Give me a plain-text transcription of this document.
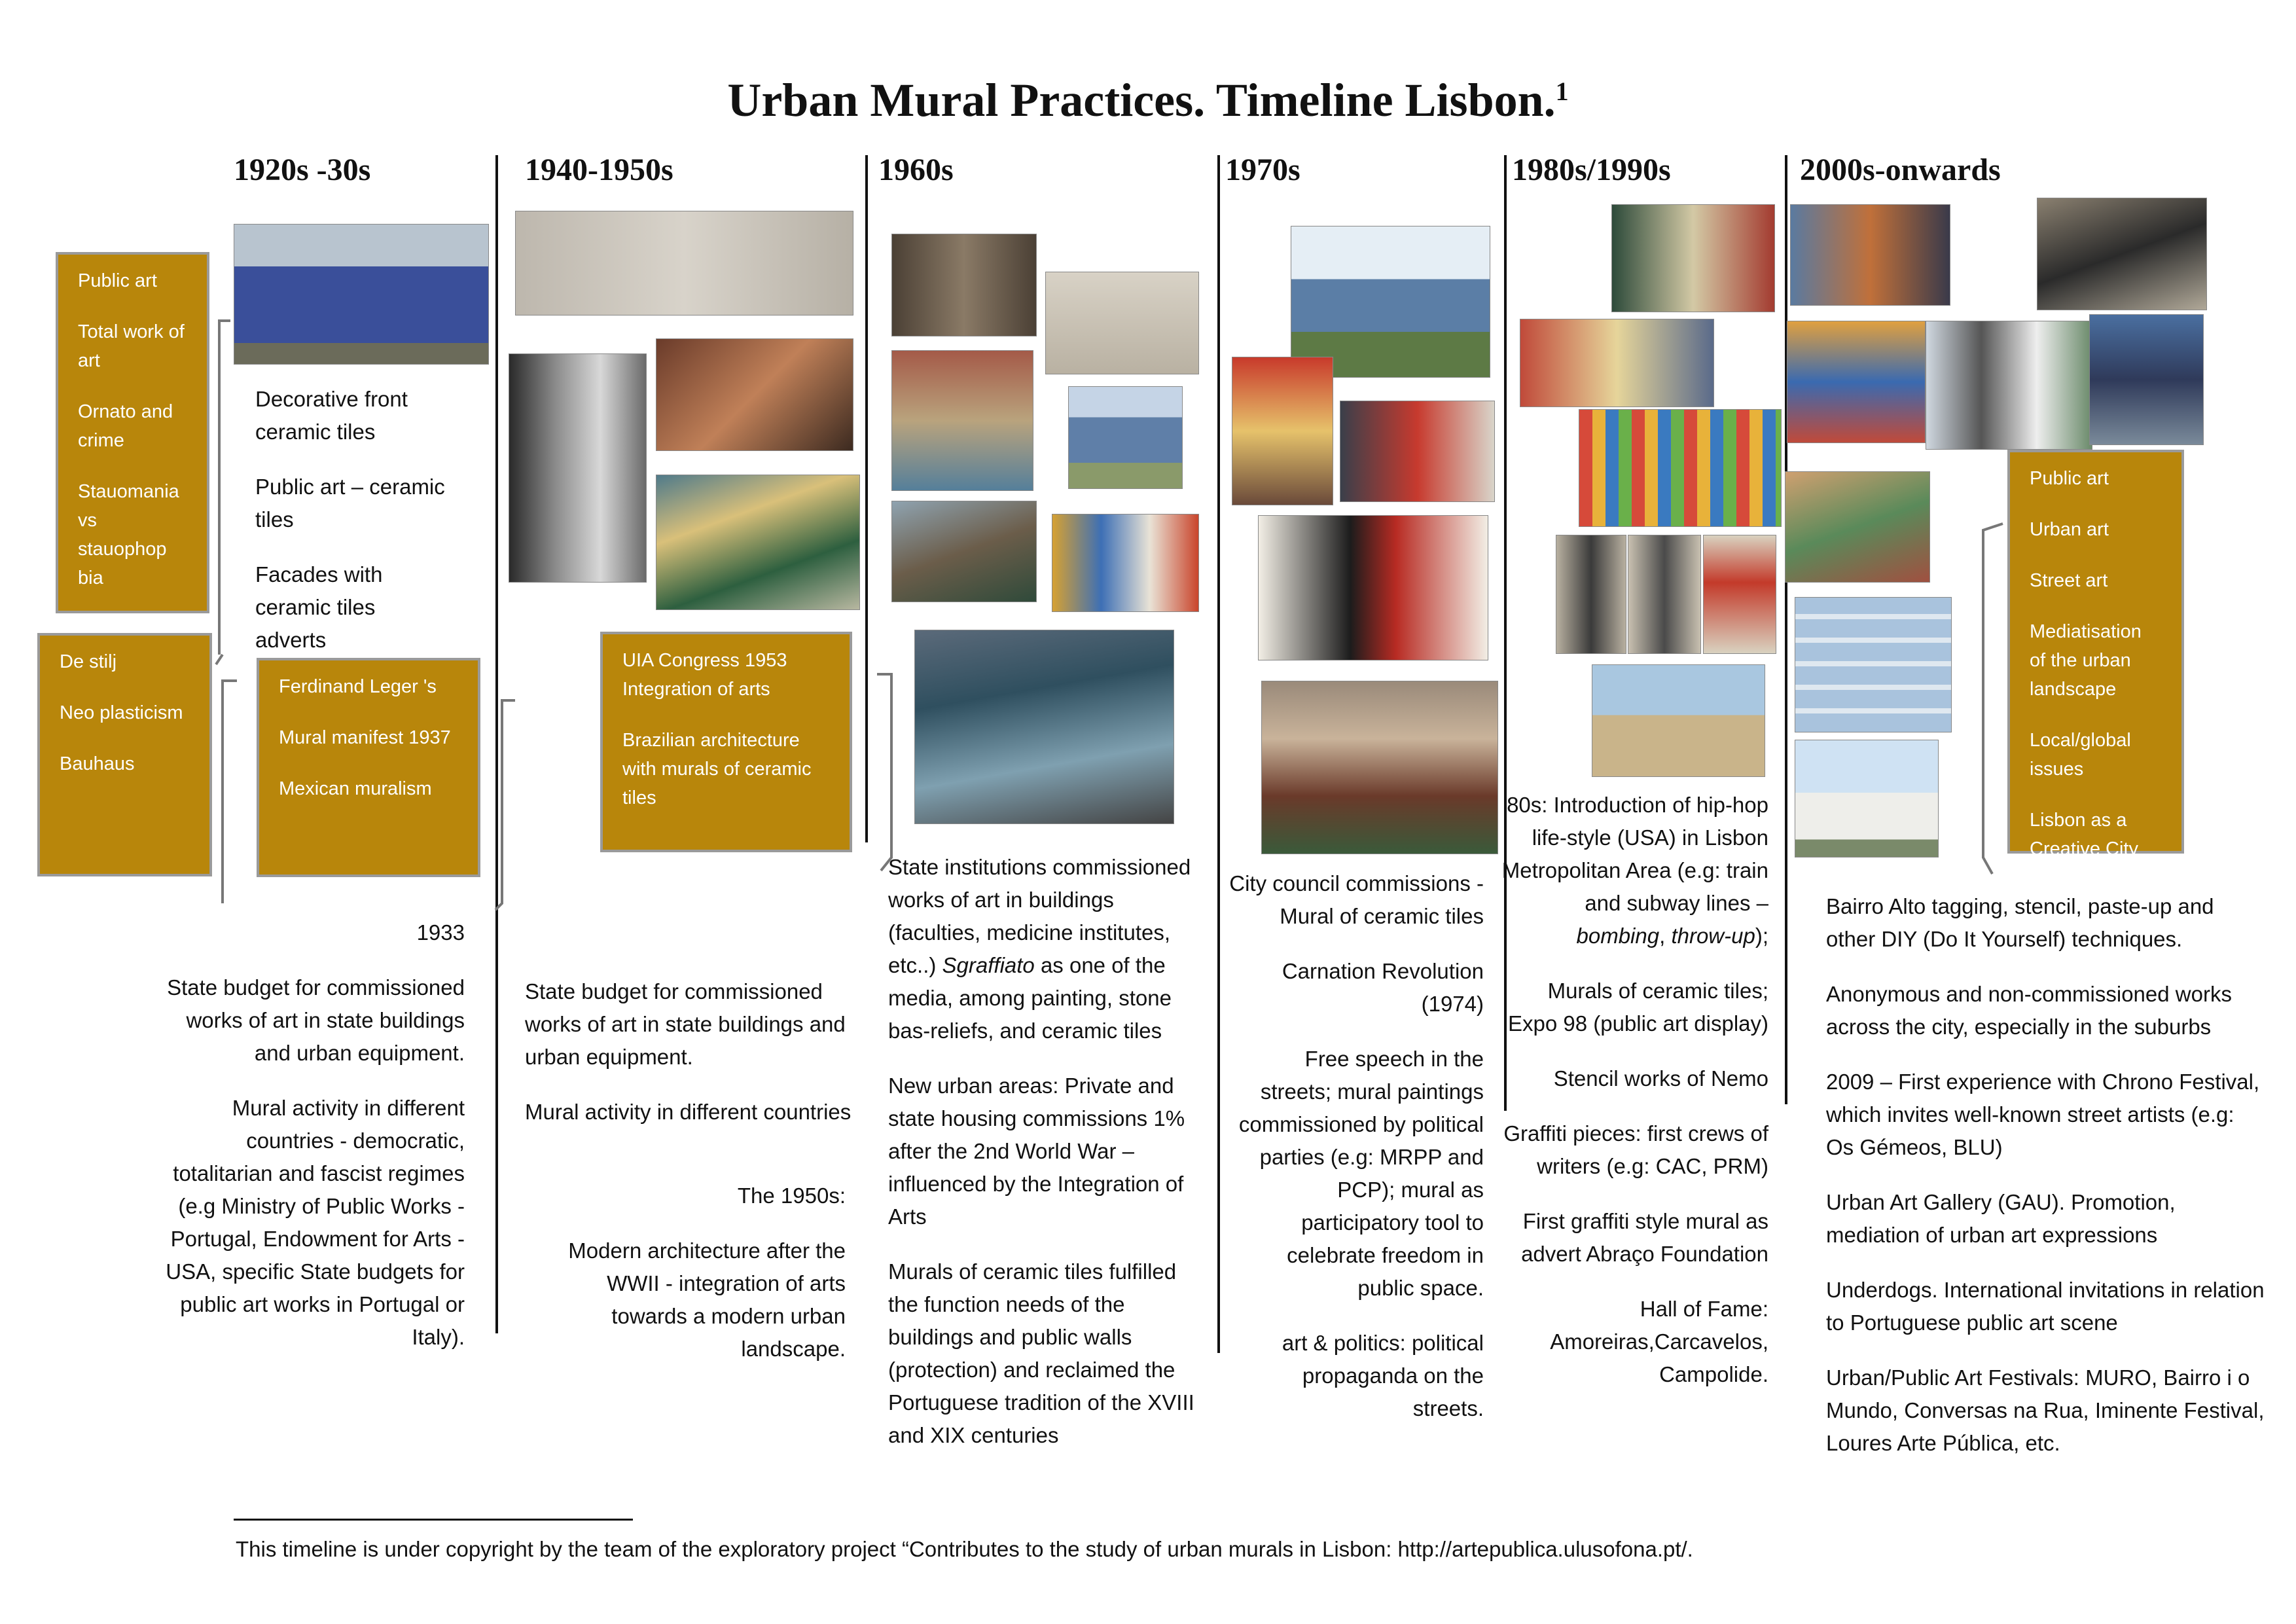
Urban Mural Practices. Timeline Lisbon.$^1$
1920s -30s	1940-1950s	1960s	1970s	1980s/1990s	2000s-onwards
Public art
Total work of art
Ornato and crime
Stauomania vs stauophop bia
De stilj
Neo plasticism
Bauhaus
Ferdinand Leger 's
Mural manifest 1937
Mexican muralism
UIA Congress 1953 Integration of arts
Brazilian architecture with murals of ceramic tiles
Public art
Urban art
Street art
Mediatisation of the urban landscape
Local/global issues
Lisbon as a Creative City

Decorative front ceramic tiles

Public art – ceramic tiles

Facades with ceramic tiles adverts

1933

State budget for commissioned works of art in state buildings and urban equipment.

Mural activity in different countries - democratic, totalitarian and fascist regimes (e.g Ministry of Public Works - Portugal, Endowment for Arts - USA, specific State budgets for public art works in Portugal or Italy).

State budget for commissioned works of art in state buildings and urban equipment.

Mural activity in different countries

The 1950s:

Modern architecture after the WWII - integration of arts towards a modern urban landscape.

State institutions commissioned works of art in buildings (faculties, medicine institutes, etc..) Sgraffiato as one of the media, among painting, stone bas-reliefs, and ceramic tiles

New urban areas: Private and state housing commissions 1% after the 2nd World War – influenced by the Integration of Arts

Murals of ceramic tiles fulfilled the function needs of the buildings and public walls (protection) and reclaimed the Portuguese tradition of the XVIII and XIX centuries

City council commissions - Mural of ceramic tiles

Carnation Revolution (1974)

Free speech in the streets; mural paintings commissioned by political parties (e.g: MRPP and PCP); mural as participatory tool to celebrate freedom in public space.

art & politics: political propaganda on the streets.

80s: Introduction of hip-hop life-style (USA) in Lisbon Metropolitan Area (e.g: train and subway lines – bombing, throw-up);

Murals of ceramic tiles; Expo 98 (public art display)

Stencil works of Nemo

Graffiti pieces: first crews of writers (e.g: CAC, PRM)

First graffiti style mural as advert Abraço Foundation

Hall of Fame: Amoreiras,Carcavelos, Campolide.

Bairro Alto tagging, stencil, paste-up and other DIY (Do It Yourself) techniques.

Anonymous and non-commissioned works across the city, especially in the suburbs

2009 – First experience with Chrono Festival, which invites well-known street artists (e.g: Os Gémeos, BLU)

Urban Art Gallery (GAU). Promotion, mediation of urban art expressions

Underdogs. International invitations in relation to Portuguese public art scene

Urban/Public Art Festivals: MURO, Bairro i o Mundo, Conversas na Rua, Iminente Festival, Loures Arte Pública, etc.

This timeline is under copyright by the team of the exploratory project “Contributes to the study of urban murals in Lisbon: http://artepublica.ulusofona.pt/.
